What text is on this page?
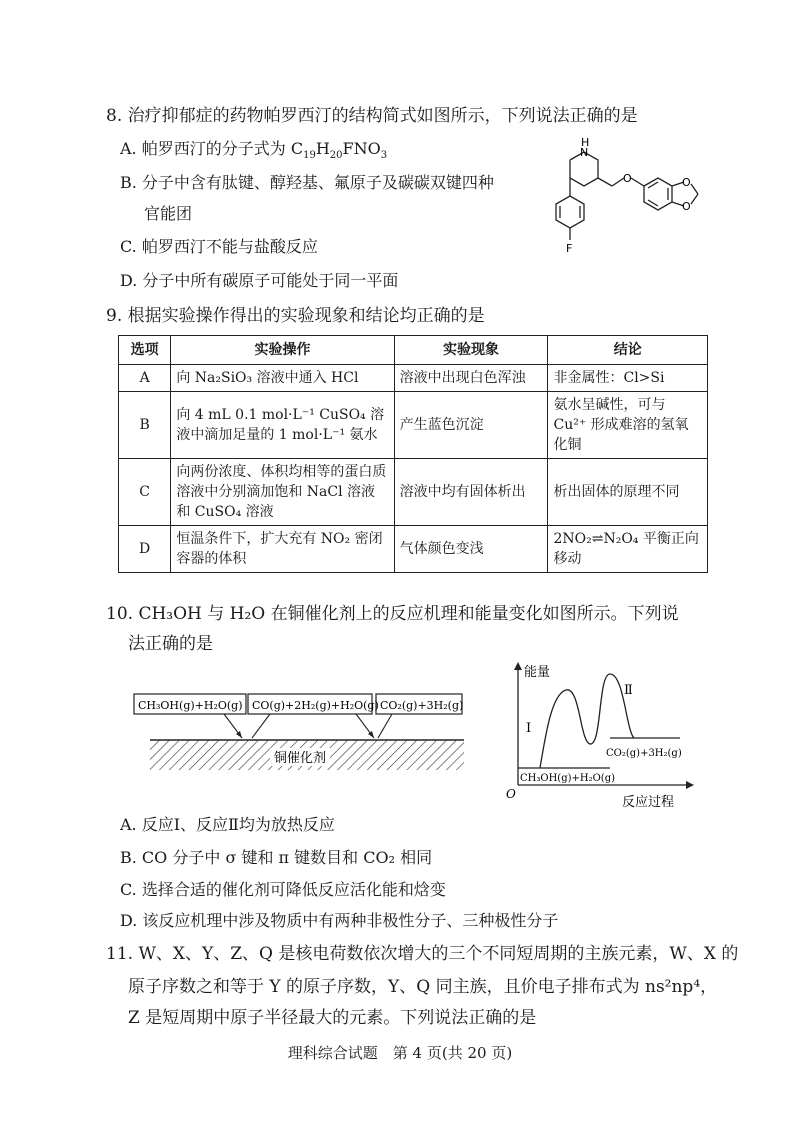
8. 治疗抑郁症的药物帕罗西汀的结构简式如图所示，下列说法正确的是
A. 帕罗西汀的分子式为 $C_{19}H_{20}FNO_3$
B. 分子中含有肽键、醇羟基、氟原子及碳碳双键四种
官能团
C. 帕罗西汀不能与盐酸反应
D. 分子中所有碳原子可能处于同一平面
N
H
O	O
O
F
9. 根据实验操作得出的实验现象和结论均正确的是
选项	实验操作	实验现象	结论
A	向 Na₂SiO₃ 溶液中通入 HCl	溶液中出现白色浑浊	非金属性：Cl>Si
B	向 4 mL 0.1 mol·L⁻¹ CuSO₄ 溶液中滴加足量的 1 mol·L⁻¹ 氨水	产生蓝色沉淀	氨水呈碱性，可与 Cu²⁺ 形成难溶的氢氧化铜
C	向两份浓度、体积均相等的蛋白质溶液中分别滴加饱和 NaCl 溶液和 CuSO₄ 溶液	溶液中均有固体析出	析出固体的原理不同
D	恒温条件下，扩大充有 NO₂ 密闭容器的体积	气体颜色变浅	2NO₂⇌N₂O₄ 平衡正向移动
10. CH₃OH 与 H₂O 在铜催化剂上的反应机理和能量变化如图所示。下列说
法正确的是
CH₃OH(g)+H₂O(g) CO(g)+2H₂(g)+H₂O(g) CO₂(g)+3H₂(g)
铜催化剂
能量
O
反应过程
I
Ⅱ
CH₃OH(g)+H₂O(g)
CO₂(g)+3H₂(g)
A. 反应Ⅰ、反应Ⅱ均为放热反应
B. CO 分子中 σ 键和 π 键数目和 CO₂ 相同
C. 选择合适的催化剂可降低反应活化能和焓变
D. 该反应机理中涉及物质中有两种非极性分子、三种极性分子
11. W、X、Y、Z、Q 是核电荷数依次增大的三个不同短周期的主族元素，W、X 的
原子序数之和等于 Y 的原子序数，Y、Q 同主族，且价电子排布式为 ns²np⁴，
Z 是短周期中原子半径最大的元素。下列说法正确的是
理科综合试题　第 4 页(共 20 页)
